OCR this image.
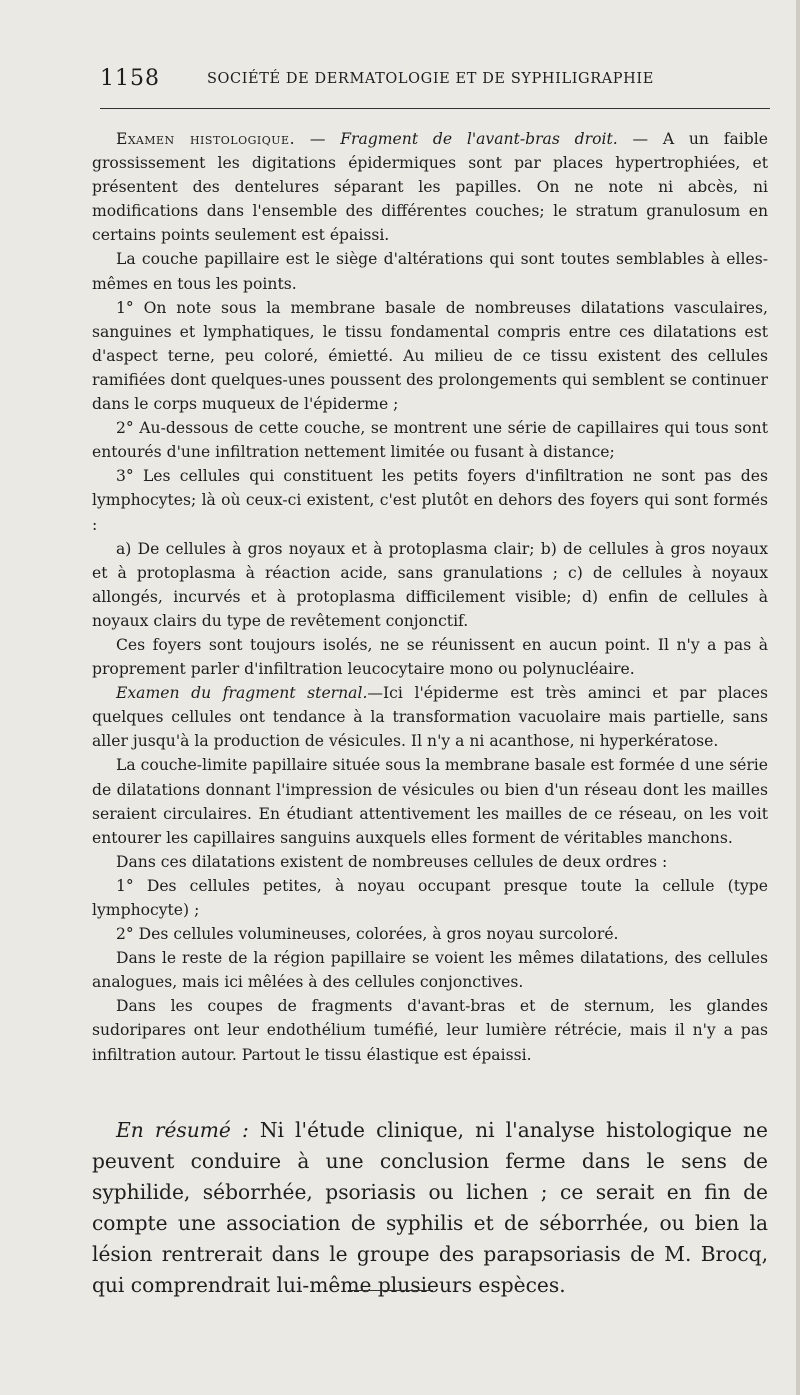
1158	SOCIÉTÉ DE DERMATOLOGIE ET DE SYPHILIGRAPHIE

Examen histologique. — Fragment de l'avant-bras droit. — A un faible grossissement les digitations épidermiques sont par places hypertrophiées, et présentent des dentelures séparant les papilles. On ne note ni abcès, ni modifications dans l'ensemble des différentes couches; le stratum granulosum en certains points seulement est épaissi.

La couche papillaire est le siège d'altérations qui sont toutes semblables à elles-mêmes en tous les points.

1° On note sous la membrane basale de nombreuses dilatations vasculaires, sanguines et lymphatiques, le tissu fondamental compris entre ces dilatations est d'aspect terne, peu coloré, émietté. Au milieu de ce tissu existent des cellules ramifiées dont quelques-unes poussent des prolongements qui semblent se continuer dans le corps muqueux de l'épiderme ;

2° Au-dessous de cette couche, se montrent une série de capillaires qui tous sont entourés d'une infiltration nettement limitée ou fusant à distance;

3° Les cellules qui constituent les petits foyers d'infiltration ne sont pas des lymphocytes; là où ceux-ci existent, c'est plutôt en dehors des foyers qui sont formés :

a) De cellules à gros noyaux et à protoplasma clair; b) de cellules à gros noyaux et à protoplasma à réaction acide, sans granulations ; c) de cellules à noyaux allongés, incurvés et à protoplasma difficilement visible; d) enfin de cellules à noyaux clairs du type de revêtement conjonctif.

Ces foyers sont toujours isolés, ne se réunissent en aucun point. Il n'y a pas à proprement parler d'infiltration leucocytaire mono ou polynucléaire.

Examen du fragment sternal.—Ici l'épiderme est très aminci et par places quelques cellules ont tendance à la transformation vacuolaire mais partielle, sans aller jusqu'à la production de vésicules. Il n'y a ni acanthose, ni hyperkératose.

La couche-limite papillaire située sous la membrane basale est formée d une série de dilatations donnant l'impression de vésicules ou bien d'un réseau dont les mailles seraient circulaires. En étudiant attentivement les mailles de ce réseau, on les voit entourer les capillaires sanguins auxquels elles forment de véritables manchons.

Dans ces dilatations existent de nombreuses cellules de deux ordres :

1° Des cellules petites, à noyau occupant presque toute la cellule (type lymphocyte) ;

2° Des cellules volumineuses, colorées, à gros noyau surcoloré.

Dans le reste de la région papillaire se voient les mêmes dilatations, des cellules analogues, mais ici mêlées à des cellules conjonctives.

Dans les coupes de fragments d'avant-bras et de sternum, les glandes sudoripares ont leur endothélium tuméfié, leur lumière rétrécie, mais il n'y a pas infiltration autour. Partout le tissu élastique est épaissi.

En résumé : Ni l'étude clinique, ni l'analyse histologique ne peuvent conduire à une conclusion ferme dans le sens de syphilide, séborrhée, psoriasis ou lichen ; ce serait en fin de compte une association de syphilis et de séborrhée, ou bien la lésion rentrerait dans le groupe des parapsoriasis de M. Brocq, qui comprendrait lui-même plusieurs espèces.
